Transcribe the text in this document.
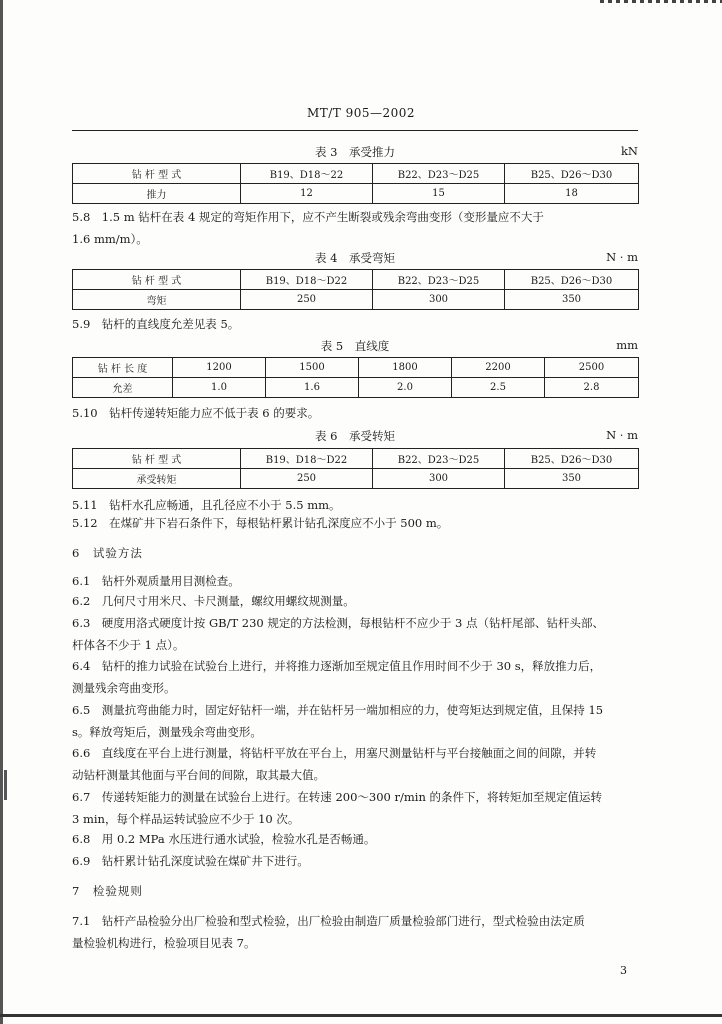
MT/T 905—2002
表 3　承受推力	kN
钻 杆 型 式	B19、D18～22	B22、D23～D25	B25、D26～D30
推力	12	15	18
5.8　1.5 m 钻杆在表 4 规定的弯矩作用下，应不产生断裂或残余弯曲变形（变形量应不大于
1.6 mm/m）。
表 4　承受弯矩	N · m
钻 杆 型 式	B19、D18～D22	B22、D23～D25	B25、D26～D30
弯矩	250	300	350
5.9　钻杆的直线度允差见表 5。
表 5　直线度	mm
钻 杆 长 度	1200	1500	1800	2200	2500
允差	1.0	1.6	2.0	2.5	2.8
5.10　钻杆传递转矩能力应不低于表 6 的要求。
表 6　承受转矩	N · m
钻 杆 型 式	B19、D18～D22	B22、D23～D25	B25、D26～D30
承受转矩	250	300	350
5.11　钻杆水孔应畅通，且孔径应不小于 5.5 mm。
5.12　在煤矿井下岩石条件下，每根钻杆累计钻孔深度应不小于 500 m。
6　试验方法
6.1　钻杆外观质量用目测检查。
6.2　几何尺寸用米尺、卡尺测量，螺纹用螺纹规测量。
6.3　硬度用洛式硬度计按 GB/T 230 规定的方法检测，每根钻杆不应少于 3 点（钻杆尾部、钻杆头部、
杆体各不少于 1 点）。
6.4　钻杆的推力试验在试验台上进行，并将推力逐渐加至规定值且作用时间不少于 30 s，释放推力后，
测量残余弯曲变形。
6.5　测量抗弯曲能力时，固定好钻杆一端，并在钻杆另一端加相应的力，使弯矩达到规定值，且保持 15
s。释放弯矩后，测量残余弯曲变形。
6.6　直线度在平台上进行测量，将钻杆平放在平台上，用塞尺测量钻杆与平台接触面之间的间隙，并转
动钻杆测量其他面与平台间的间隙，取其最大值。
6.7　传递转矩能力的测量在试验台上进行。在转速 200～300 r/min 的条件下，将转矩加至规定值运转
3 min，每个样品运转试验应不少于 10 次。
6.8　用 0.2 MPa 水压进行通水试验，检验水孔是否畅通。
6.9　钻杆累计钻孔深度试验在煤矿井下进行。
7　检验规则
7.1　钻杆产品检验分出厂检验和型式检验，出厂检验由制造厂质量检验部门进行，型式检验由法定质
量检验机构进行，检验项目见表 7。
3
